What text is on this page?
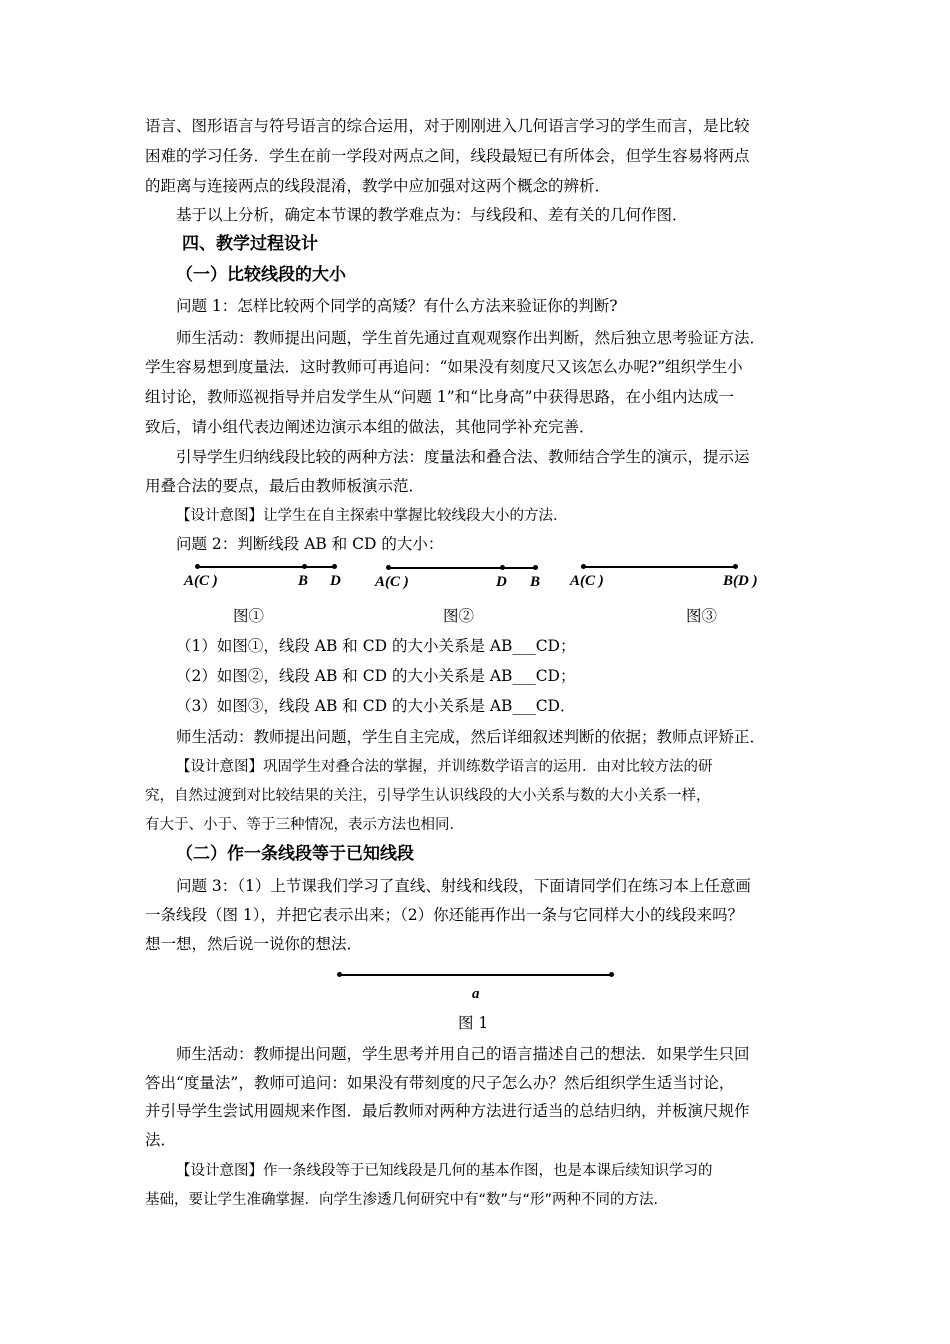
语言、图形语言与符号语言的综合运用，对于刚刚进入几何语言学习的学生而言，是比较
困难的学习任务．学生在前一学段对两点之间，线段最短已有所体会，但学生容易将两点
的距离与连接两点的线段混淆，教学中应加强对这两个概念的辨析．
基于以上分析，确定本节课的教学难点为：与线段和、差有关的几何作图．
四、教学过程设计
（一）比较线段的大小
问题 1：怎样比较两个同学的高矮？有什么方法来验证你的判断?
师生活动：教师提出问题，学生首先通过直观观察作出判断，然后独立思考验证方法．
学生容易想到度量法．这时教师可再追问：“如果没有刻度尺又该怎么办呢?”组织学生小
组讨论，教师巡视指导并启发学生从“问题 1”和“比身高”中获得思路，在小组内达成一
致后，请小组代表边阐述边演示本组的做法，其他同学补充完善．
引导学生归纳线段比较的两种方法：度量法和叠合法、教师结合学生的演示，提示运
用叠合法的要点，最后由教师板演示范．
【设计意图】让学生在自主探索中掌握比较线段大小的方法．
问题 2：判断线段 AB 和 CD 的大小：
A(C )	B D
图①
A(C )	D B
图②
A(C )	B(D )
图③
（1）如图①，线段 AB 和 CD 的大小关系是 AB___CD；
（2）如图②，线段 AB 和 CD 的大小关系是 AB___CD；
（3）如图③，线段 AB 和 CD 的大小关系是 AB___CD．
师生活动：教师提出问题，学生自主完成，然后详细叙述判断的依据；教师点评矫正．
【设计意图】巩固学生对叠合法的掌握，并训练数学语言的运用．由对比较方法的研
究，自然过渡到对比较结果的关注，引导学生认识线段的大小关系与数的大小关系一样，
有大于、小于、等于三种情况，表示方法也相同．
（二）作一条线段等于已知线段
问题 3：（1）上节课我们学习了直线、射线和线段，下面请同学们在练习本上任意画
一条线段（图 1），并把它表示出来；（2）你还能再作出一条与它同样大小的线段来吗？
想一想，然后说一说你的想法．
a
图 1
师生活动：教师提出问题，学生思考并用自己的语言描述自己的想法．如果学生只回
答出“度量法”，教师可追问：如果没有带刻度的尺子怎么办？然后组织学生适当讨论，
并引导学生尝试用圆规来作图．最后教师对两种方法进行适当的总结归纳，并板演尺规作
法．
【设计意图】作一条线段等于已知线段是几何的基本作图，也是本课后续知识学习的
基础，要让学生准确掌握．向学生渗透几何研究中有“数”与“形”两种不同的方法．
